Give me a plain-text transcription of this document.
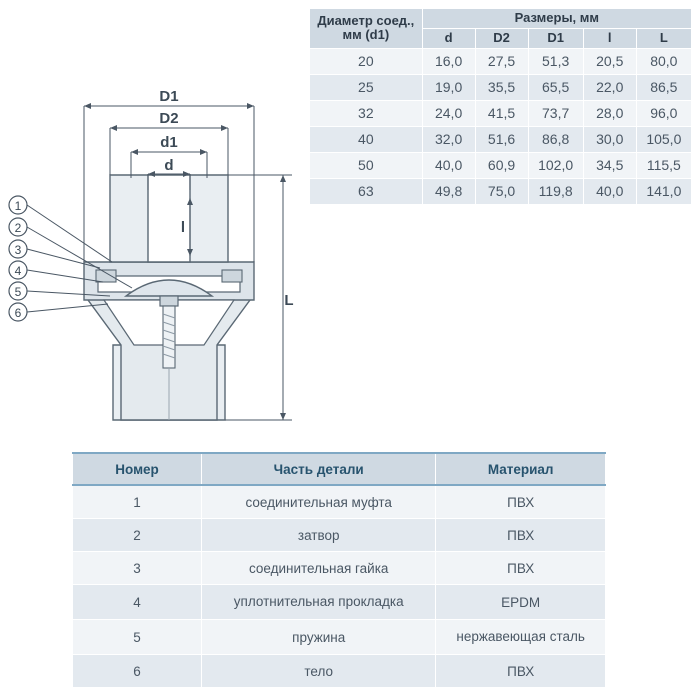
Диаметр соед., мм (d1)	Размеры, мм				
	d	D2	D1	l	L
20	16,0	27,5	51,3	20,5	80,0
25	19,0	35,5	65,5	22,0	86,5
32	24,0	41,5	73,7	28,0	96,0
40	32,0	51,6	86,8	30,0	105,0
50	40,0	60,9	102,0	34,5	115,5
63	49,8	75,0	119,8	40,0	141,0
D1
D2
d1
d
l
L
1
2
3
4
5
6
Номер	Часть детали	Материал
1	соединительная муфта	ПВХ
2	затвор	ПВХ
3	соединительная гайка	ПВХ
4	уплотнительная прокладка	EPDM
5	пружина	нержавеющая сталь
6	тело	ПВХ
